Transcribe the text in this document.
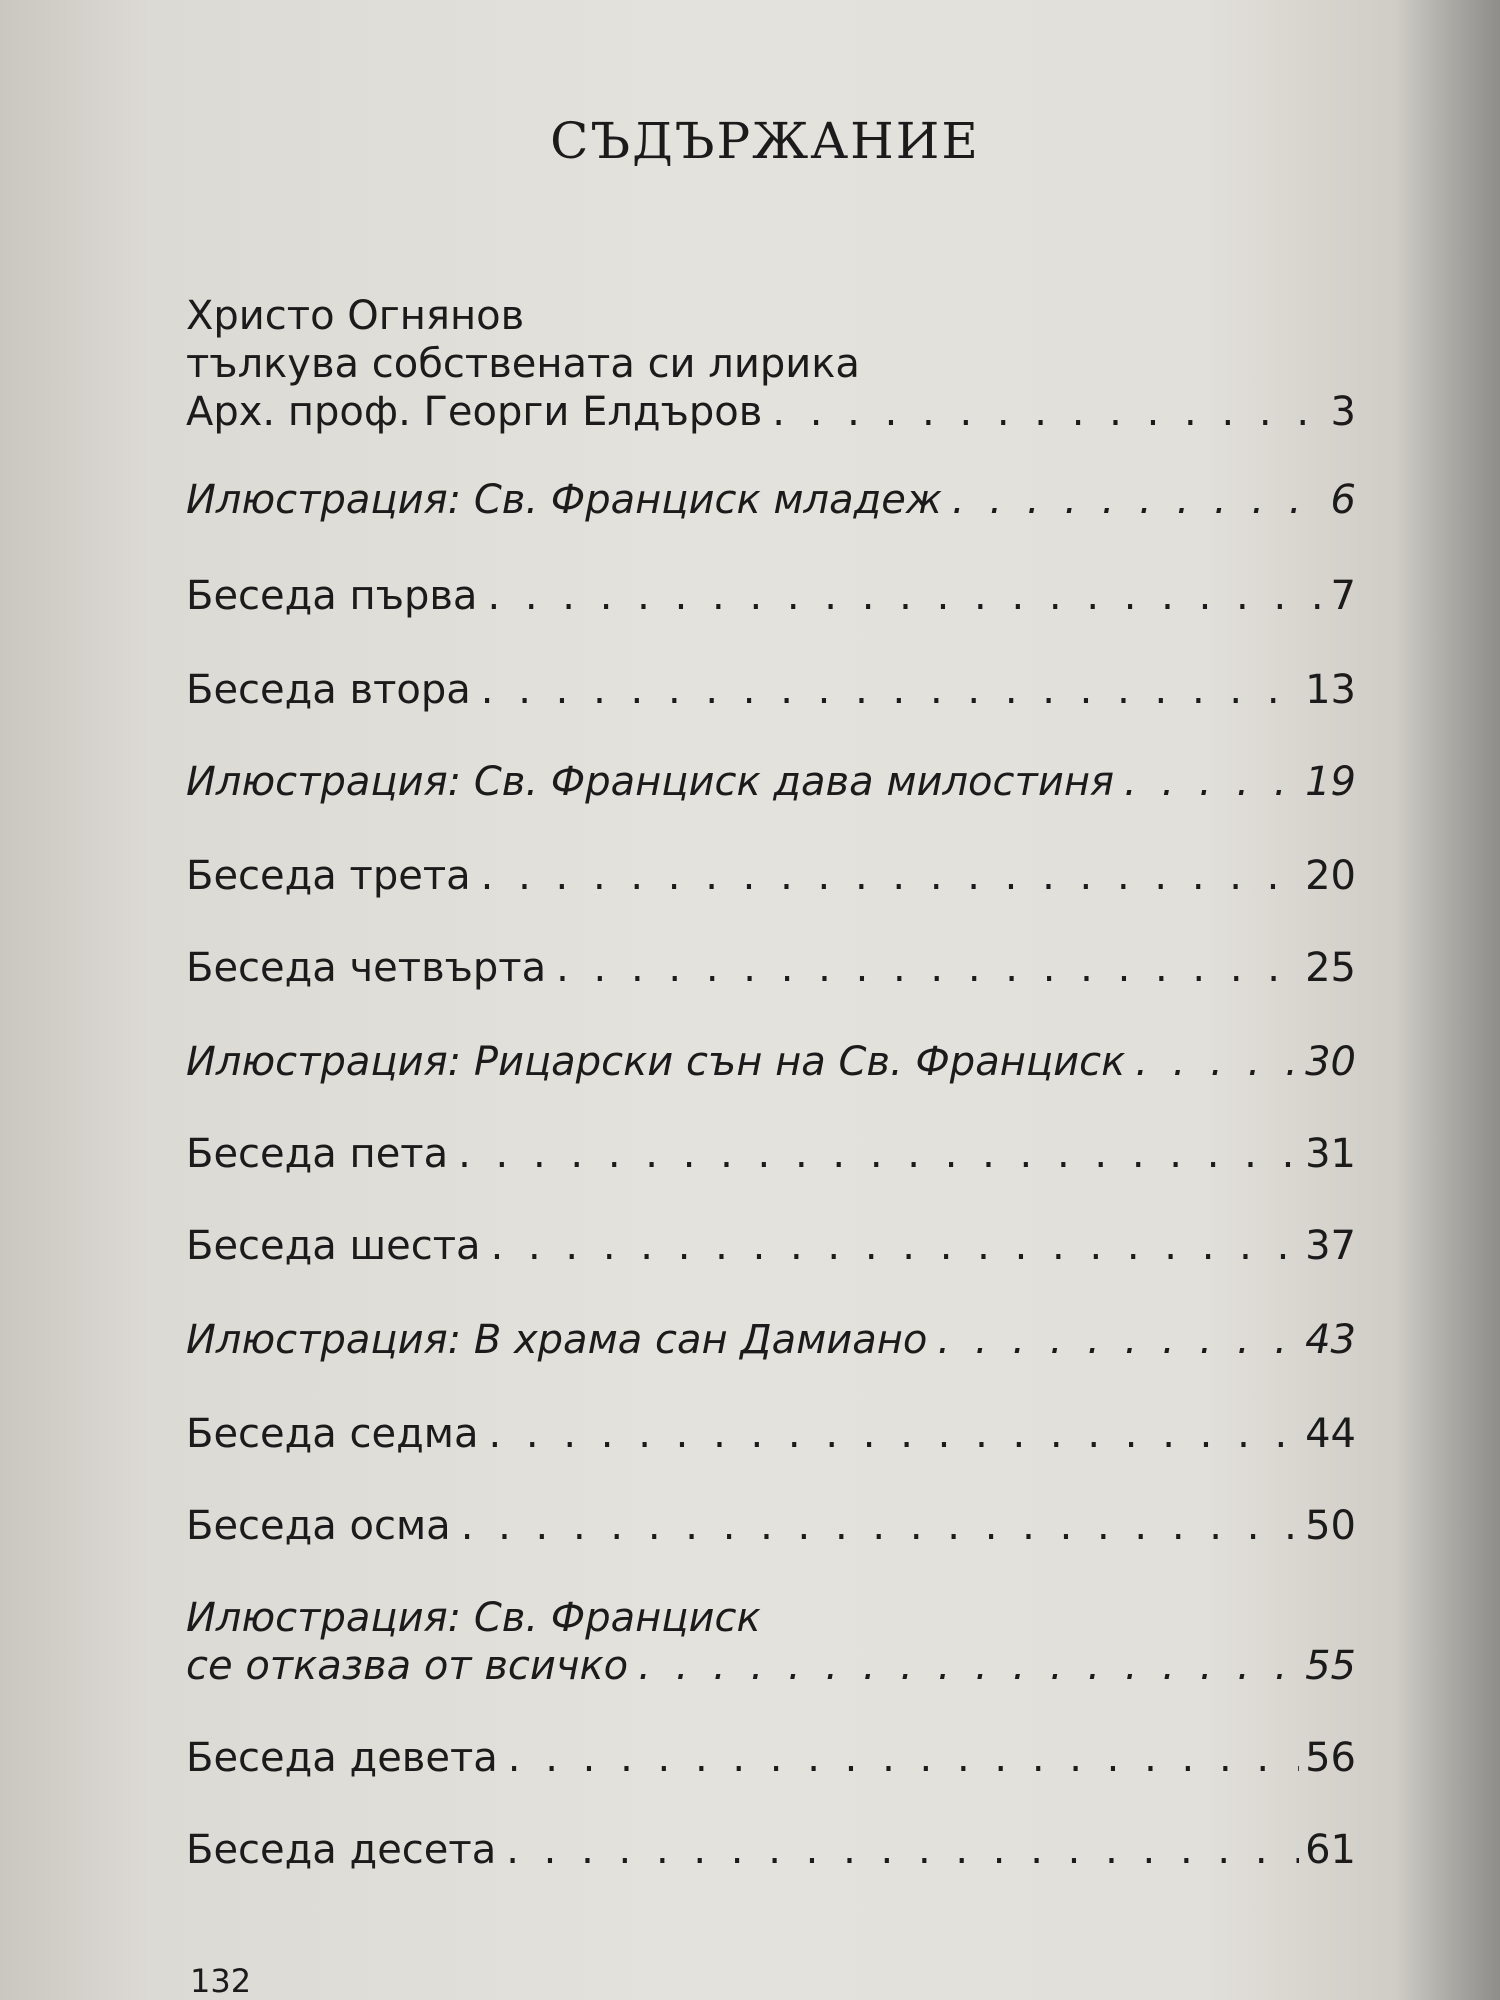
СЪДЪРЖАНИЕ
Христо Огнянов
тълкува собствената си лирика
Арх. проф. Георги Елдъров . . .	3
Илюстрация: Св. Франциск младеж . . .	6
Беседа първа . . .	7
Беседа втора . . .	13
Илюстрация: Св. Франциск дава милостиня . . .	19
Беседа трета . . .	20
Беседа четвърта . . .	25
Илюстрация: Рицарски сън на Св. Франциск . . .	30
Беседа пета . . .	31
Беседа шеста . . .	37
Илюстрация: В храма сан Дамиано . . .	43
Беседа седма . . .	44
Беседа осма . . .	50
Илюстрация: Св. Франциск
се отказва от всичко . . .	55
Беседа девета . . .	56
Беседа десета . . .	61
132
